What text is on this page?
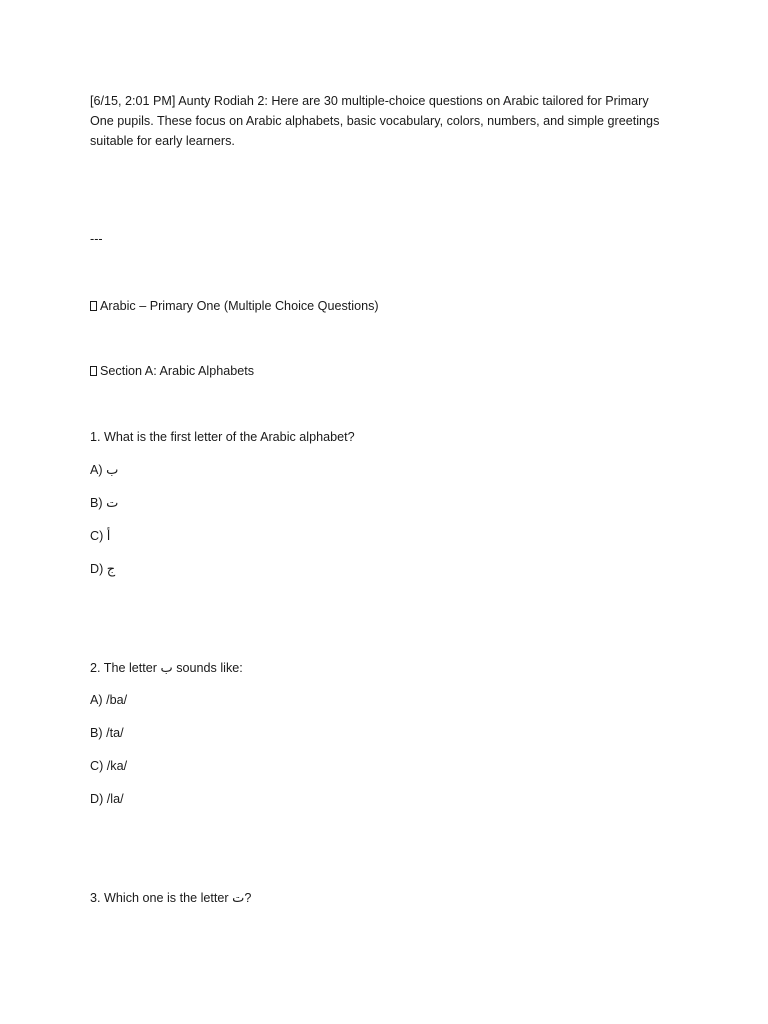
[6/15, 2:01 PM] Aunty Rodiah 2: Here are 30 multiple-choice questions on Arabic tailored for Primary One pupils. These focus on Arabic alphabets, basic vocabulary, colors, numbers, and simple greetings suitable for early learners.

---

Arabic – Primary One (Multiple Choice Questions)

Section A: Arabic Alphabets

1. What is the first letter of the Arabic alphabet?

A) ب

B) ت

C) أ

D) ج

2. The letter ب sounds like:

A) /ba/

B) /ta/

C) /ka/

D) /la/

3. Which one is the letter ت?
